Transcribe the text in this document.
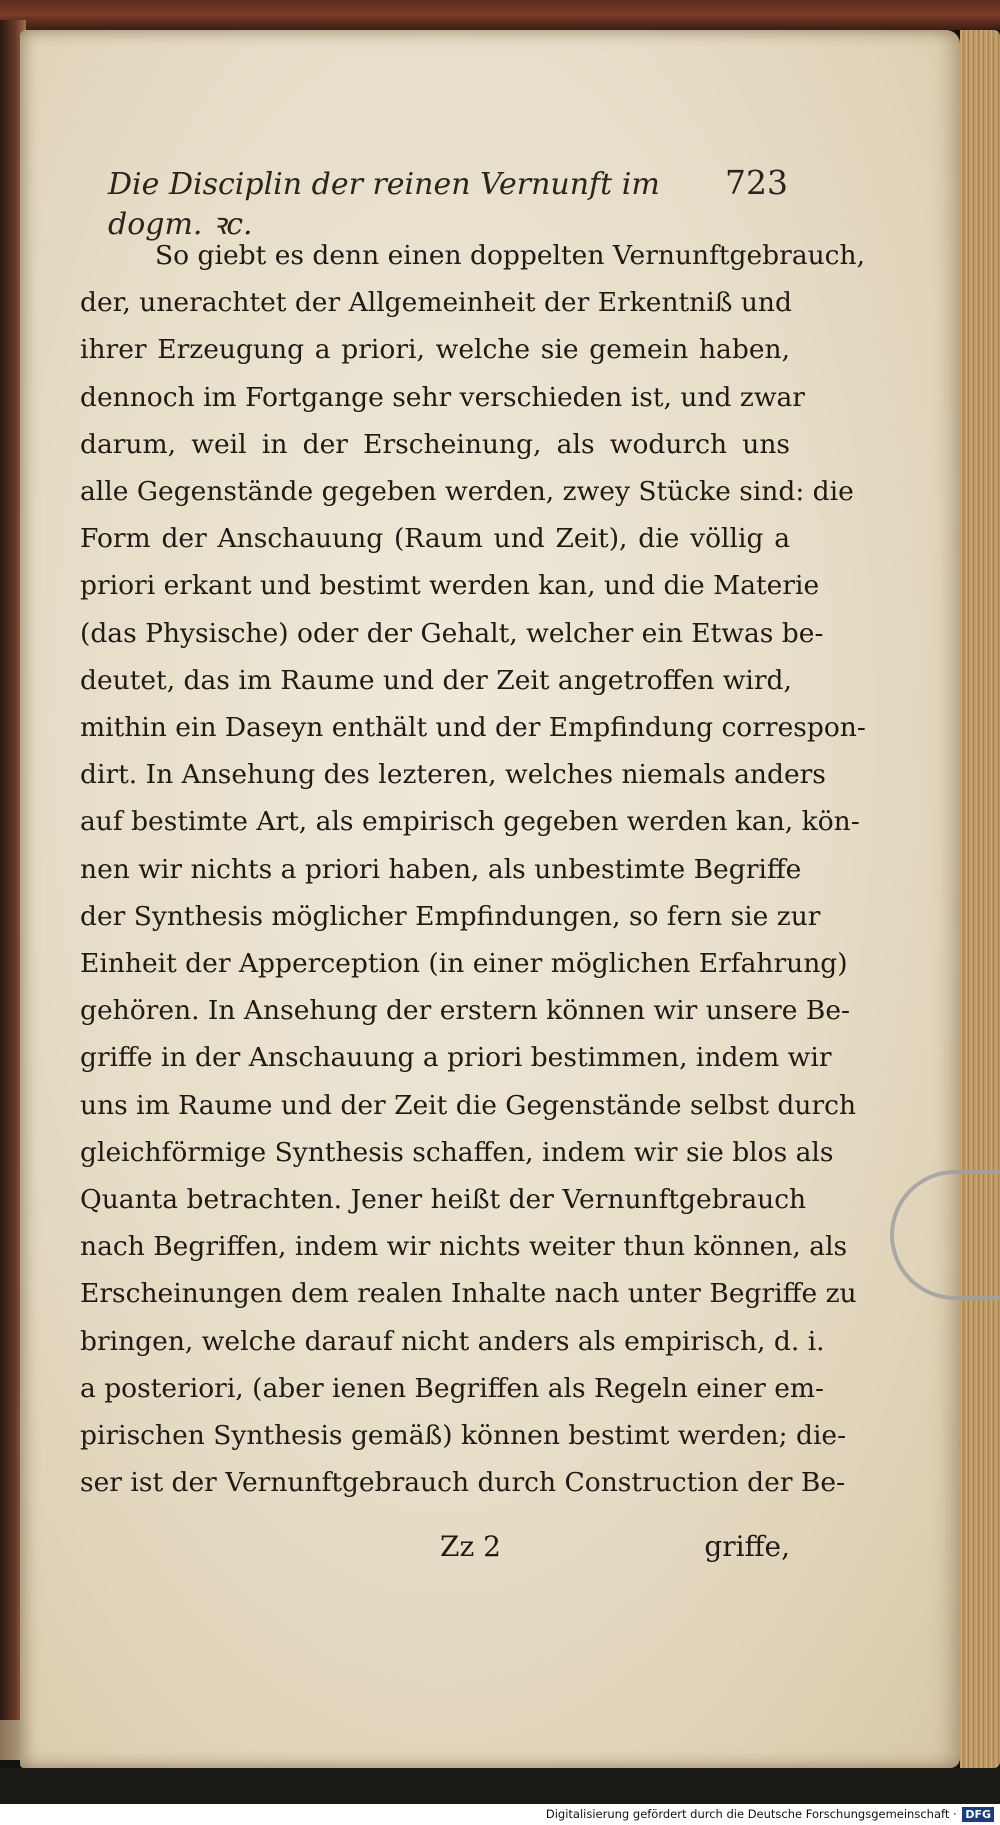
Die Disciplin der reinen Vernunft im dogm. ꝛc.
723
So giebt es denn einen doppelten Vernunftgebrauch,
der, unerachtet der Allgemeinheit der Erkentniß und
ihrer Erzeugung a priori, welche sie gemein haben,
dennoch im Fortgange sehr verschieden ist, und zwar
darum, weil in der Erscheinung, als wodurch uns
alle Gegenstände gegeben werden, zwey Stücke sind: die
Form der Anschauung (Raum und Zeit), die völlig a
priori erkant und bestimt werden kan, und die Materie
(das Physische) oder der Gehalt, welcher ein Etwas be-
deutet, das im Raume und der Zeit angetroffen wird,
mithin ein Daseyn enthält und der Empfindung correspon-
dirt. In Ansehung des lezteren, welches niemals anders
auf bestimte Art, als empirisch gegeben werden kan, kön-
nen wir nichts a priori haben, als unbestimte Begriffe
der Synthesis möglicher Empfindungen, so fern sie zur
Einheit der Apperception (in einer möglichen Erfahrung)
gehören. In Ansehung der erstern können wir unsere Be-
griffe in der Anschauung a priori bestimmen, indem wir
uns im Raume und der Zeit die Gegenstände selbst durch
gleichförmige Synthesis schaffen, indem wir sie blos als
Quanta betrachten. Jener heißt der Vernunftgebrauch
nach Begriffen, indem wir nichts weiter thun können, als
Erscheinungen dem realen Inhalte nach unter Begriffe zu
bringen, welche darauf nicht anders als empirisch, d. i.
a posteriori, (aber ienen Begriffen als Regeln einer em-
pirischen Synthesis gemäß) können bestimt werden; die-
ser ist der Vernunftgebrauch durch Construction der Be-
Zz 2	griffe,
Digitalisierung gefördert durch die Deutsche Forschungsgemeinschaft · DFG
